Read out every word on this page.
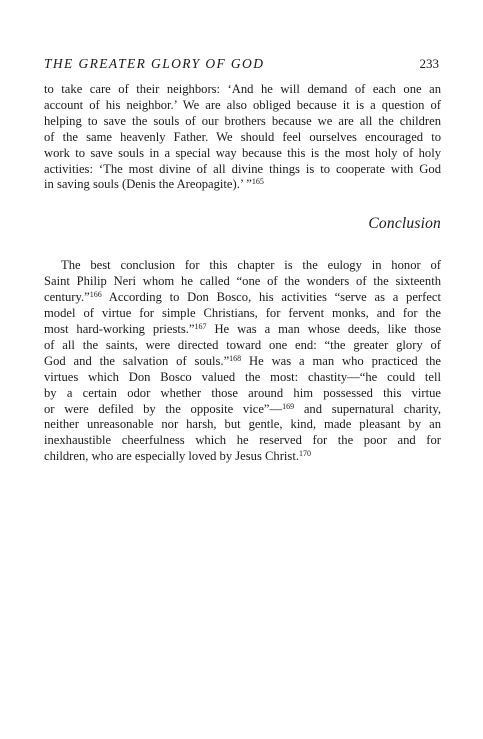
THE GREATER GLORY OF GOD	233

to take care of their neighbors: ‘And he will demand of each one an
account of his neighbor.’ We are also obliged because it is a question of
helping to save the souls of our brothers because we are all the children
of the same heavenly Father. We should feel ourselves encouraged to
work to save souls in a special way because this is the most holy of holy
activities: ‘The most divine of all divine things is to cooperate with God
in saving souls (Denis the Areopagite).’ ”$^{165}$

Conclusion

The best conclusion for this chapter is the eulogy in honor of
Saint Philip Neri whom he called “one of the wonders of the sixteenth
century.”$^{166}$ According to Don Bosco, his activities “serve as a perfect
model of virtue for simple Christians, for fervent monks, and for the
most hard-working priests.”$^{167}$ He was a man whose deeds, like those
of all the saints, were directed toward one end: “the greater glory of
God and the salvation of souls.”$^{168}$ He was a man who practiced the
virtues which Don Bosco valued the most: chastity—“he could tell
by a certain odor whether those around him possessed this virtue
or were defiled by the opposite vice”—$^{169}$ and supernatural charity,
neither unreasonable nor harsh, but gentle, kind, made pleasant by an
inexhaustible cheerfulness which he reserved for the poor and for
children, who are especially loved by Jesus Christ.$^{170}$
